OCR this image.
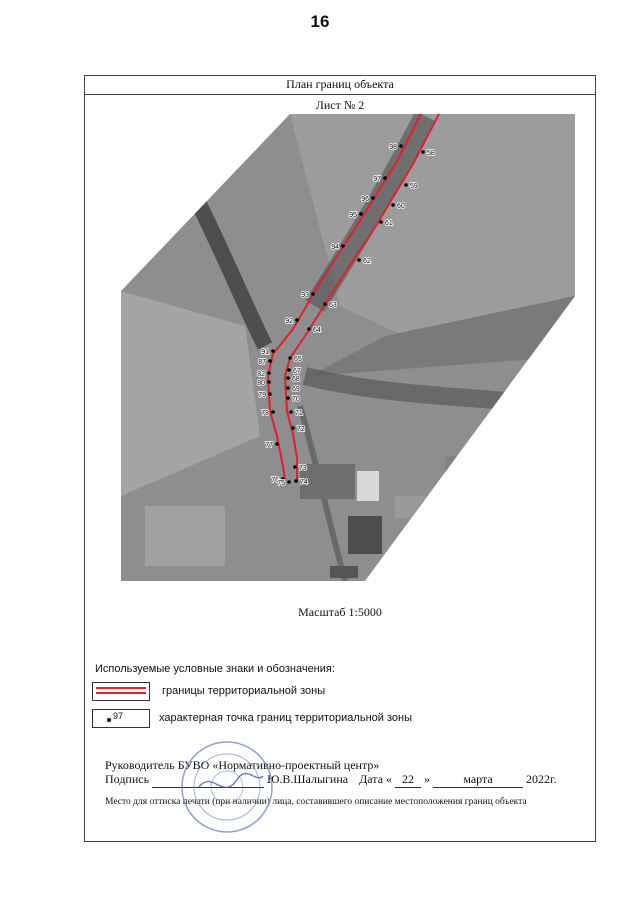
16
План границ объекта
Лист № 2
98
58
97
59
96
60
95
61
94
62
93
63
92
64
91
65
87
67
82
68
80
69
79
70
78	71
72
77
73
76
75 74
Масштаб 1:5000
Используемые условные знаки и обозначения:
границы территориальной зоны
97	характерная точка границ территориальной зоны
Руководитель БУВО «Нормативно-проектный центр»
Подпись	Ю.В.Шалыгина Дата « 22 »	марта	2022г.
Место для оттиска печати (при наличии) лица, составившего описание местоположения границ объекта
